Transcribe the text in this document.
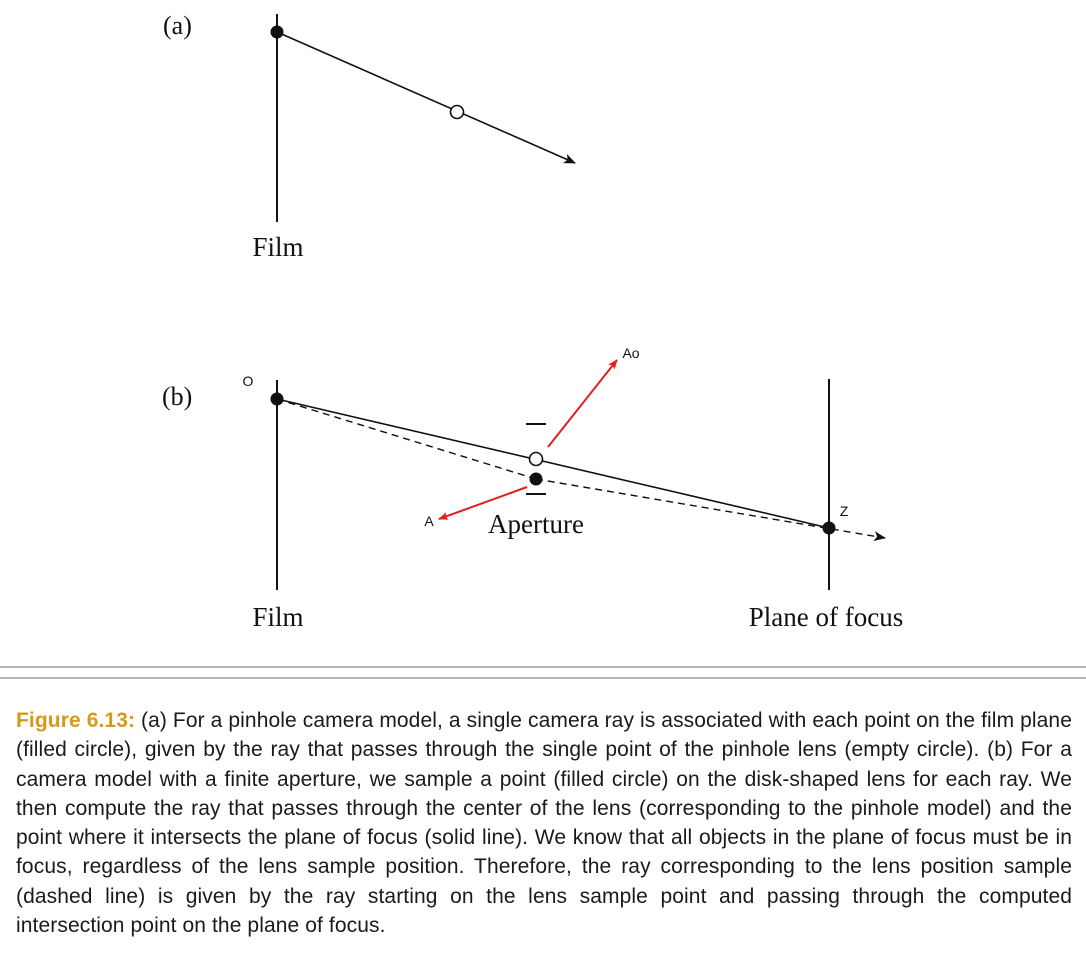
(a)
Film
(b)
O
Ao
A
Z
Aperture
Film	Plane of focus
Figure 6.13: (a) For a pinhole camera model, a single camera ray is associated with each point on the film plane (filled circle), given by the ray that passes through the single point of the pinhole lens (empty circle). (b) For a camera model with a finite aperture, we sample a point (filled circle) on the disk-shaped lens for each ray. We then compute the ray that passes through the center of the lens (corresponding to the pinhole model) and the point where it intersects the plane of focus (solid line). We know that all objects in the plane of focus must be in focus, regardless of the lens sample position. Therefore, the ray corresponding to the lens position sample (dashed line) is given by the ray starting on the lens sample point and passing through the computed intersection point on the plane of focus.
